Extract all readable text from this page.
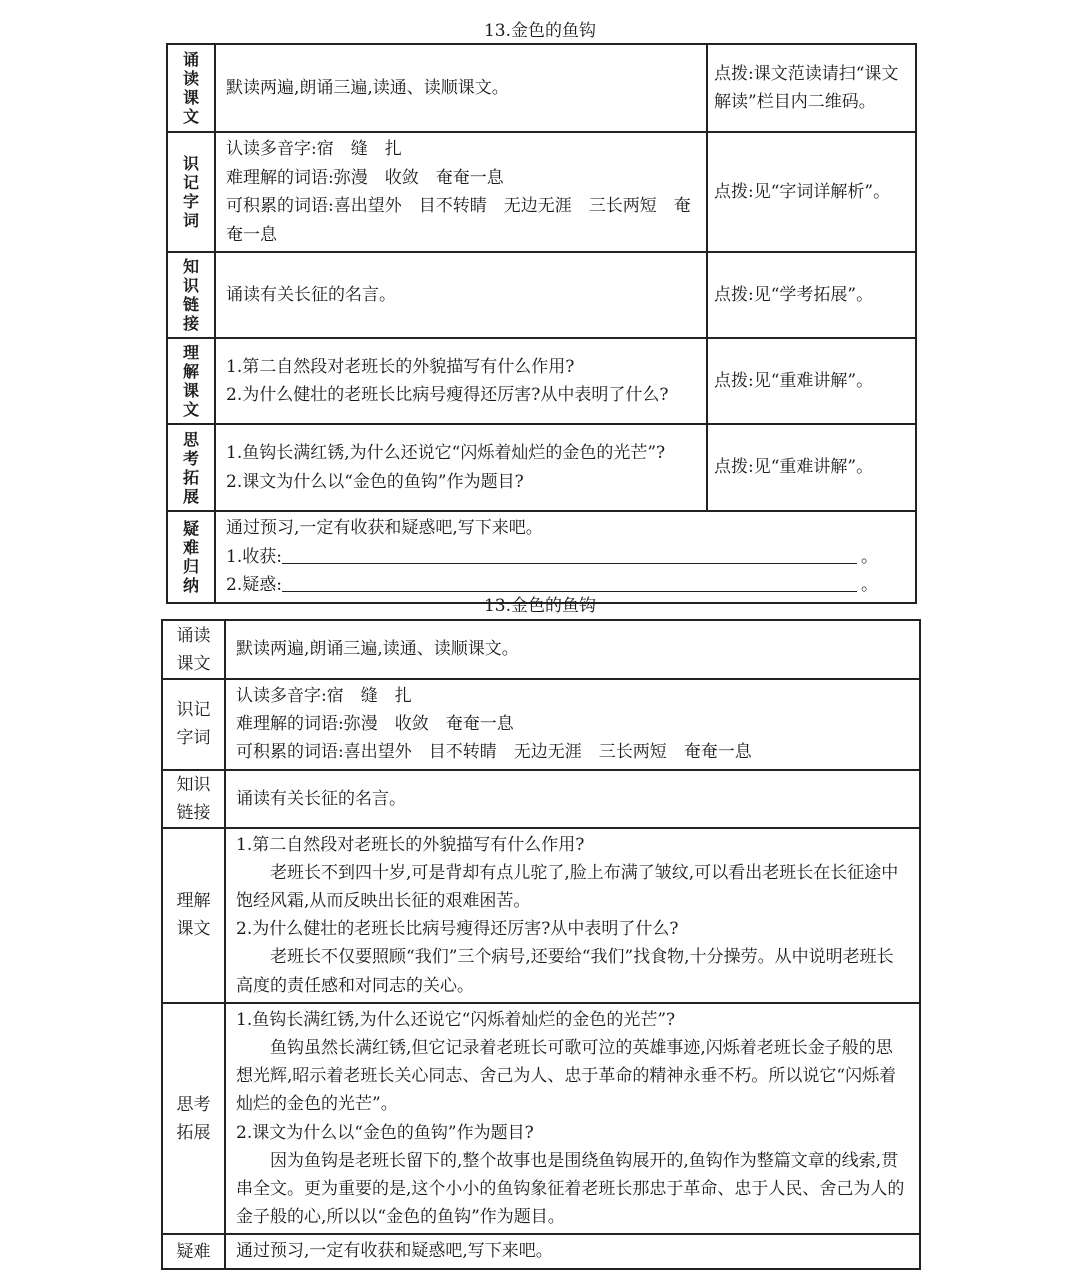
13.金色的鱼钩
诵
读
课
文	默读两遍,朗诵三遍,读通、读顺课文。	点拨:课文范读请扫“课文解读”栏目内二维码。

识
记
字
词	认读多音字:宿　缝　扎
难理解的词语:弥漫　收敛　奄奄一息
可积累的词语:喜出望外　目不转睛　无边无涯　三长两短　奄奄一息	点拨:见“字词详解析”。

知
识
链
接	诵读有关长征的名言。	点拨:见“学考拓展”。

理
解
课
文	1.第二自然段对老班长的外貌描写有什么作用?
2.为什么健壮的老班长比病号瘦得还厉害?从中表明了什么?	点拨:见“重难讲解”。

思
考
拓
展	1.鱼钩长满红锈,为什么还说它“闪烁着灿烂的金色的光芒”?
2.课文为什么以“金色的鱼钩”作为题目?	点拨:见“重难讲解”。

疑
难
归
纳	通过预习,一定有收获和疑惑吧,写下来吧。
1.收获: 。
2.疑惑: 。	
13.金色的鱼钩
诵读
课文	默读两遍,朗诵三遍,读通、读顺课文。

识记
字词	认读多音字:宿　缝　扎
难理解的词语:弥漫　收敛　奄奄一息
可积累的词语:喜出望外　目不转睛　无边无涯　三长两短　奄奄一息

知识
链接	诵读有关长征的名言。

理解
课文	1.第二自然段对老班长的外貌描写有什么作用?
老班长不到四十岁,可是背却有点儿驼了,脸上布满了皱纹,可以看出老班长在长征途中饱经风霜,从而反映出长征的艰难困苦。
2.为什么健壮的老班长比病号瘦得还厉害?从中表明了什么?
老班长不仅要照顾“我们”三个病号,还要给“我们”找食物,十分操劳。从中说明老班长高度的责任感和对同志的关心。

思考
拓展	1.鱼钩长满红锈,为什么还说它“闪烁着灿烂的金色的光芒”?
鱼钩虽然长满红锈,但它记录着老班长可歌可泣的英雄事迹,闪烁着老班长金子般的思想光辉,昭示着老班长关心同志、舍己为人、忠于革命的精神永垂不朽。所以说它“闪烁着灿烂的金色的光芒”。
2.课文为什么以“金色的鱼钩”作为题目?
因为鱼钩是老班长留下的,整个故事也是围绕鱼钩展开的,鱼钩作为整篇文章的线索,贯串全文。更为重要的是,这个小小的鱼钩象征着老班长那忠于革命、忠于人民、舍己为人的金子般的心,所以以“金色的鱼钩”作为题目。

疑难	通过预习,一定有收获和疑惑吧,写下来吧。
